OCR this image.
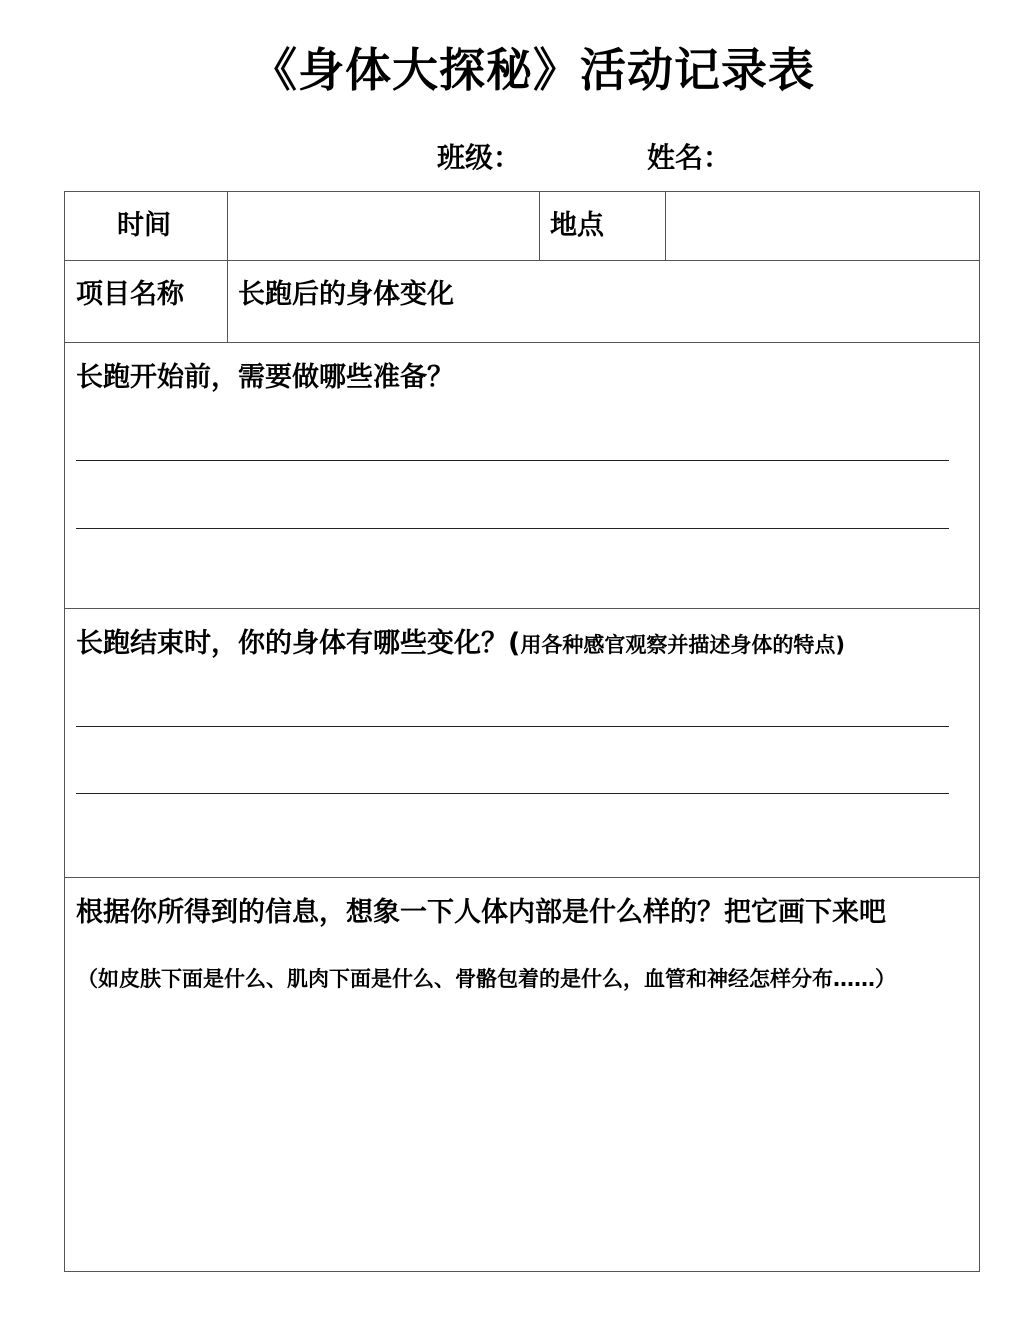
《身体大探秘》活动记录表
班级：	姓名：
时间	地点
项目名称 长跑后的身体变化
长跑开始前，需要做哪些准备？
长跑结束时，你的身体有哪些变化？(用各种感官观察并描述身体的特点)
根据你所得到的信息，想象一下人体内部是什么样的？把它画下来吧
（如皮肤下面是什么、肌肉下面是什么、骨骼包着的是什么，血管和神经怎样分布……）
